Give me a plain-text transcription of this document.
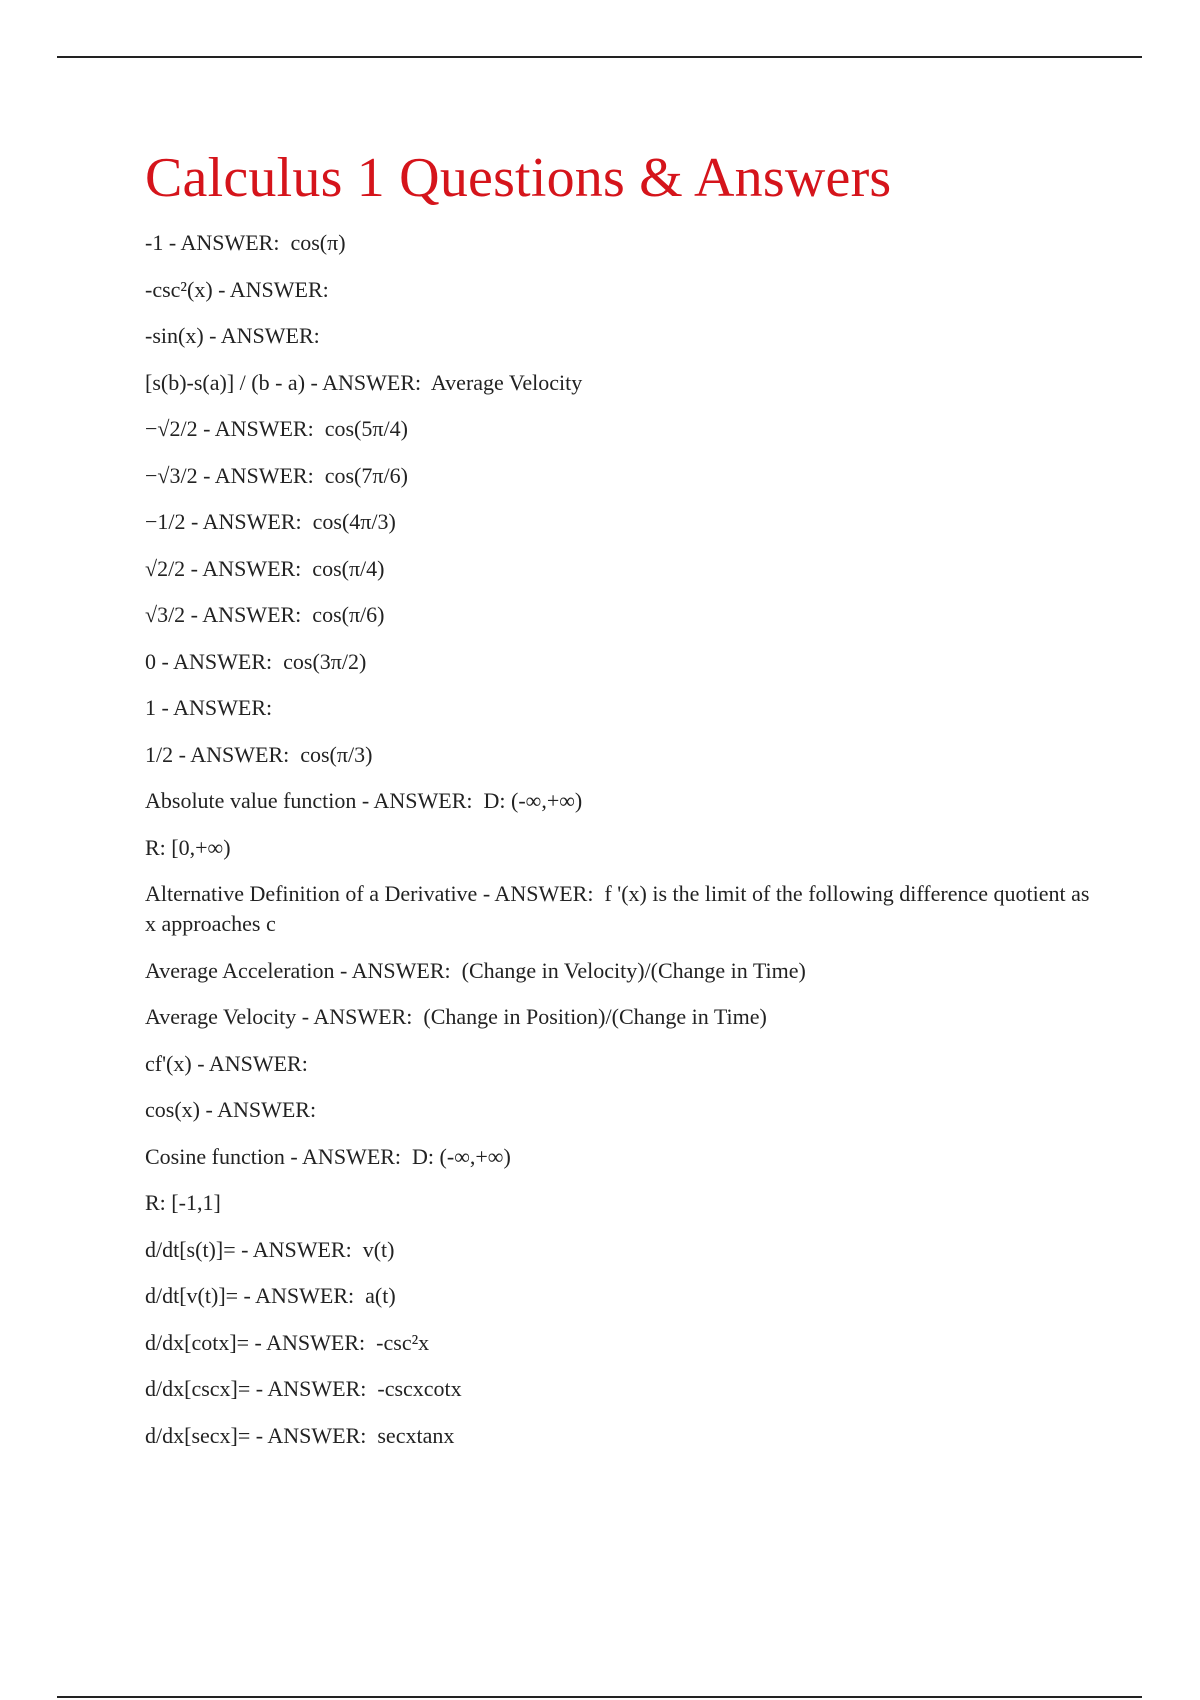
Calculus 1 Questions & Answers
-1 - ANSWER:  cos(π)
-csc²(x) - ANSWER:
-sin(x) - ANSWER:
[s(b)-s(a)] / (b - a) - ANSWER:  Average Velocity
−√2/2 - ANSWER:  cos(5π/4)
−√3/2 - ANSWER:  cos(7π/6)
−1/2 - ANSWER:  cos(4π/3)
√2/2 - ANSWER:  cos(π/4)
√3/2 - ANSWER:  cos(π/6)
0 - ANSWER:  cos(3π/2)
1 - ANSWER:
1/2 - ANSWER:  cos(π/3)
Absolute value function - ANSWER:  D: (-∞,+∞)
R: [0,+∞)
Alternative Definition of a Derivative - ANSWER:  f '(x) is the limit of the following difference quotient as x approaches c
Average Acceleration - ANSWER:  (Change in Velocity)/(Change in Time)
Average Velocity - ANSWER:  (Change in Position)/(Change in Time)
cf'(x) - ANSWER:
cos(x) - ANSWER:
Cosine function - ANSWER:  D: (-∞,+∞)
R: [-1,1]
d/dt[s(t)]= - ANSWER:  v(t)
d/dt[v(t)]= - ANSWER:  a(t)
d/dx[cotx]= - ANSWER:  -csc²x
d/dx[cscx]= - ANSWER:  -cscxcotx
d/dx[secx]= - ANSWER:  secxtanx
